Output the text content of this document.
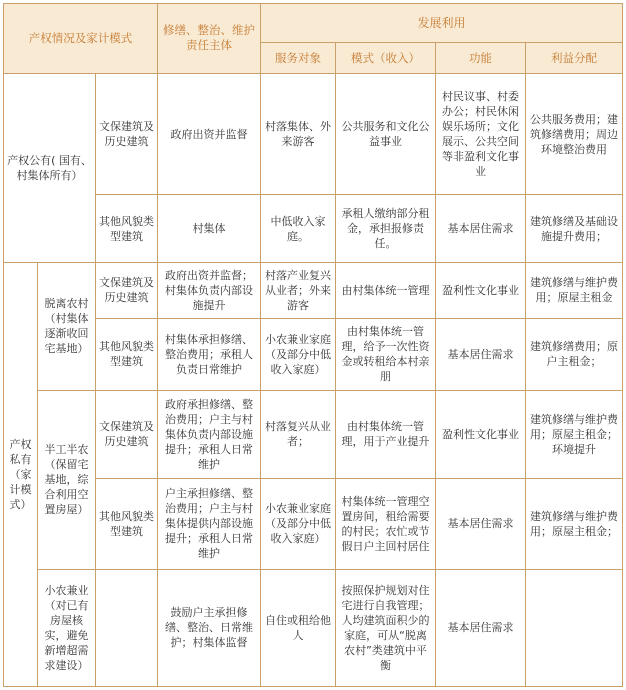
产权情况及家计模式			修缮、整治、维护责任主体	发展利用			
				服务对象	模式（收入）	功能	利益分配
产权公有( 国有、村集体所有）		文保建筑及历史建筑	政府出资并监督	村落集体、外来游客	公共服务和文化公益事业	村民议事、村委办公；村民休闲娱乐场所；文化展示、公共空间等非盈利文化事业	公共服务费用；建筑修缮费用；周边环境整治费用
		其他风貌类型建筑	村集体	中低收入家庭。	承租人缴纳部分租金，承担报修责任。	基本居住需求	建筑修缮及基础设施提升费用；
产权私有（家计模式）	脱离农村（村集体逐渐收回宅基地）	文保建筑及历史建筑	政府出资并监督；村集体负责内部设施提升	村落产业复兴从业者；外来游客	由村集体统一管理	盈利性文化事业	建筑修缮与维护费用；原屋主租金
		其他风貌类型建筑	村集体承担修缮、整治费用；承租人负责日常维护	小农兼业家庭（及部分中低收入家庭）	由村集体统一管理，给予一次性资金或转租给本村亲朋	基本居住需求	建筑修缮费用；原户主租金；
	半工半农（保留宅基地，综合利用空置房屋）	文保建筑及历史建筑	政府承担修缮、整治费用；户主与村集体负责内部设施提升；承租人日常维护	村落复兴从业者；	由村集体统一管理，用于产业提升	盈利性文化事业	建筑修缮与维护费用；原屋主租金；环境提升
		其他风貌类型建筑	户主承担修缮、整治费用；户主与村集体提供内部设施提升；承租人日常维护	小农兼业家庭（及部分中低收入家庭）	村集体统一管理空置房间，租给需要的村民；农忙或节假日户主回村居住	基本居住需求	建筑修缮与维护费用；原屋主租金；
	小农兼业（对已有房屋核实，避免新增超需求建设）		鼓励户主承担修缮、整治、日常维护；村集体监督	自住或租给他人	按照保护规划对住宅进行自我管理；人均建筑面积少的家庭，可从“脱离农村”类建筑中平衡	基本居住需求	
